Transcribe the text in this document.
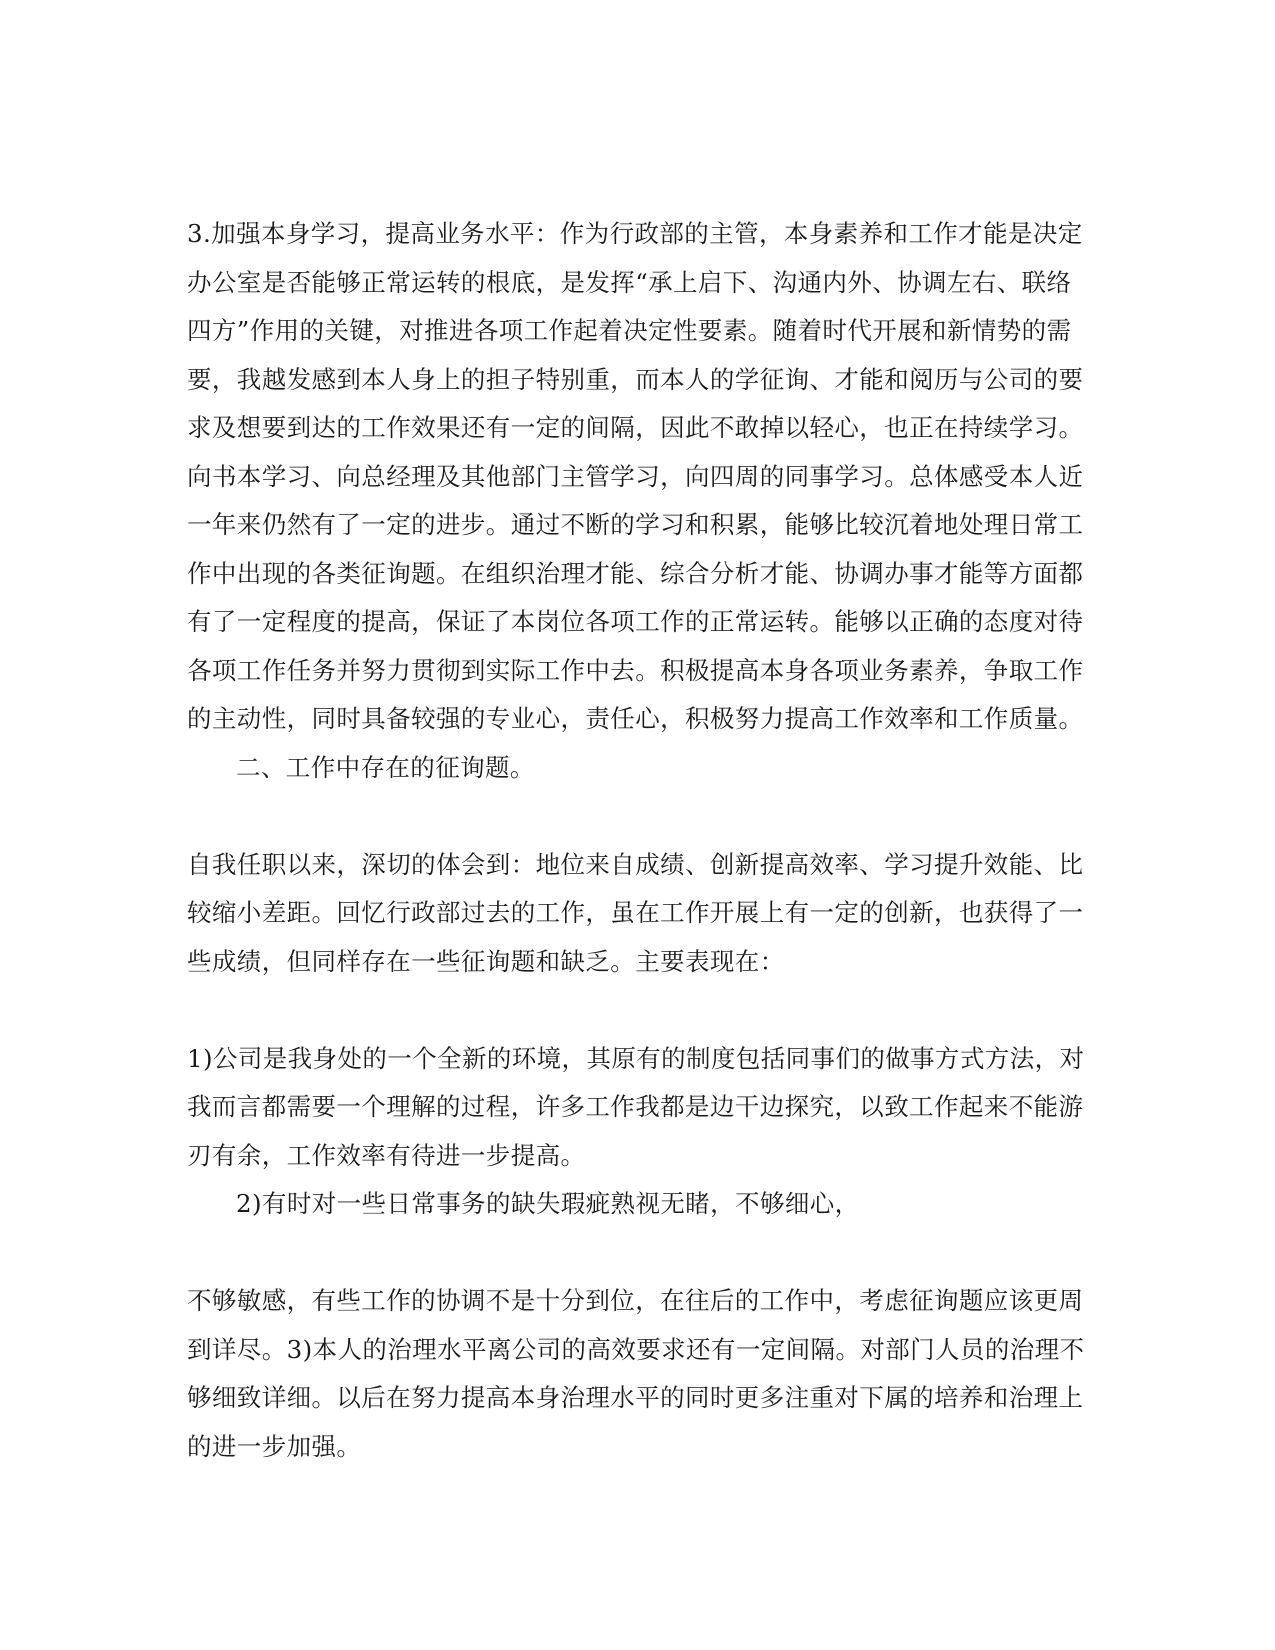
3.加强本身学习，提高业务水平：作为行政部的主管，本身素养和工作才能是决定
办公室是否能够正常运转的根底，是发挥“承上启下、沟通内外、协调左右、联络
四方”作用的关键，对推进各项工作起着决定性要素。随着时代开展和新情势的需
要，我越发感到本人身上的担子特别重，而本人的学征询、才能和阅历与公司的要
求及想要到达的工作效果还有一定的间隔，因此不敢掉以轻心，也正在持续学习。
向书本学习、向总经理及其他部门主管学习，向四周的同事学习。总体感受本人近
一年来仍然有了一定的进步。通过不断的学习和积累，能够比较沉着地处理日常工
作中出现的各类征询题。在组织治理才能、综合分析才能、协调办事才能等方面都
有了一定程度的提高，保证了本岗位各项工作的正常运转。能够以正确的态度对待
各项工作任务并努力贯彻到实际工作中去。积极提高本身各项业务素养，争取工作
的主动性，同时具备较强的专业心，责任心，积极努力提高工作效率和工作质量。
二、工作中存在的征询题。
自我任职以来，深切的体会到：地位来自成绩、创新提高效率、学习提升效能、比
较缩小差距。回忆行政部过去的工作，虽在工作开展上有一定的创新，也获得了一
些成绩，但同样存在一些征询题和缺乏。主要表现在：
1)公司是我身处的一个全新的环境，其原有的制度包括同事们的做事方式方法，对
我而言都需要一个理解的过程，许多工作我都是边干边探究，以致工作起来不能游
刃有余，工作效率有待进一步提高。
2)有时对一些日常事务的缺失瑕疵熟视无睹，不够细心，
不够敏感，有些工作的协调不是十分到位，在往后的工作中，考虑征询题应该更周
到详尽。3)本人的治理水平离公司的高效要求还有一定间隔。对部门人员的治理不
够细致详细。以后在努力提高本身治理水平的同时更多注重对下属的培养和治理上
的进一步加强。
